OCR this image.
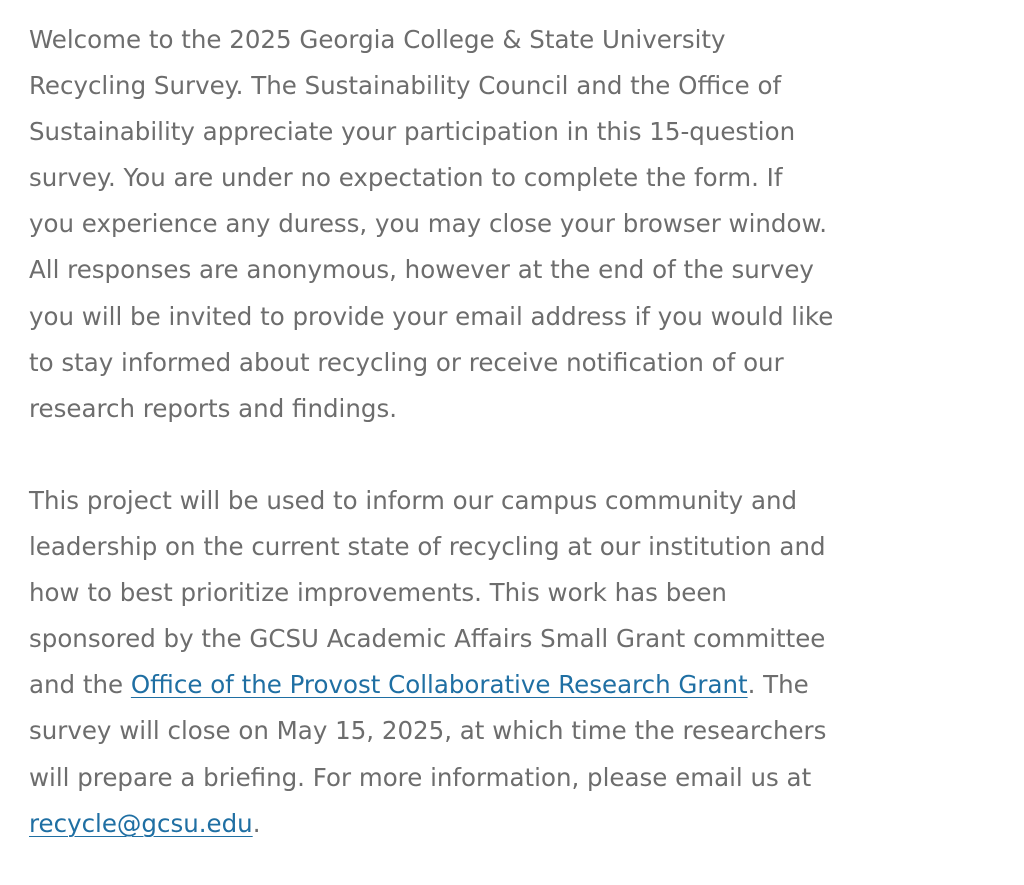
Welcome to the 2025 Georgia College & State University
Recycling Survey. The Sustainability Council and the Office of
Sustainability appreciate your participation in this 15-question
survey. You are under no expectation to complete the form. If
you experience any duress, you may close your browser window.
All responses are anonymous, however at the end of the survey
you will be invited to provide your email address if you would like
to stay informed about recycling or receive notification of our
research reports and findings.

This project will be used to inform our campus community and
leadership on the current state of recycling at our institution and
how to best prioritize improvements. This work has been
sponsored by the GCSU Academic Affairs Small Grant committee
and the Office of the Provost Collaborative Research Grant. The
survey will close on May 15, 2025, at which time the researchers
will prepare a briefing. For more information, please email us at
recycle@gcsu.edu.
